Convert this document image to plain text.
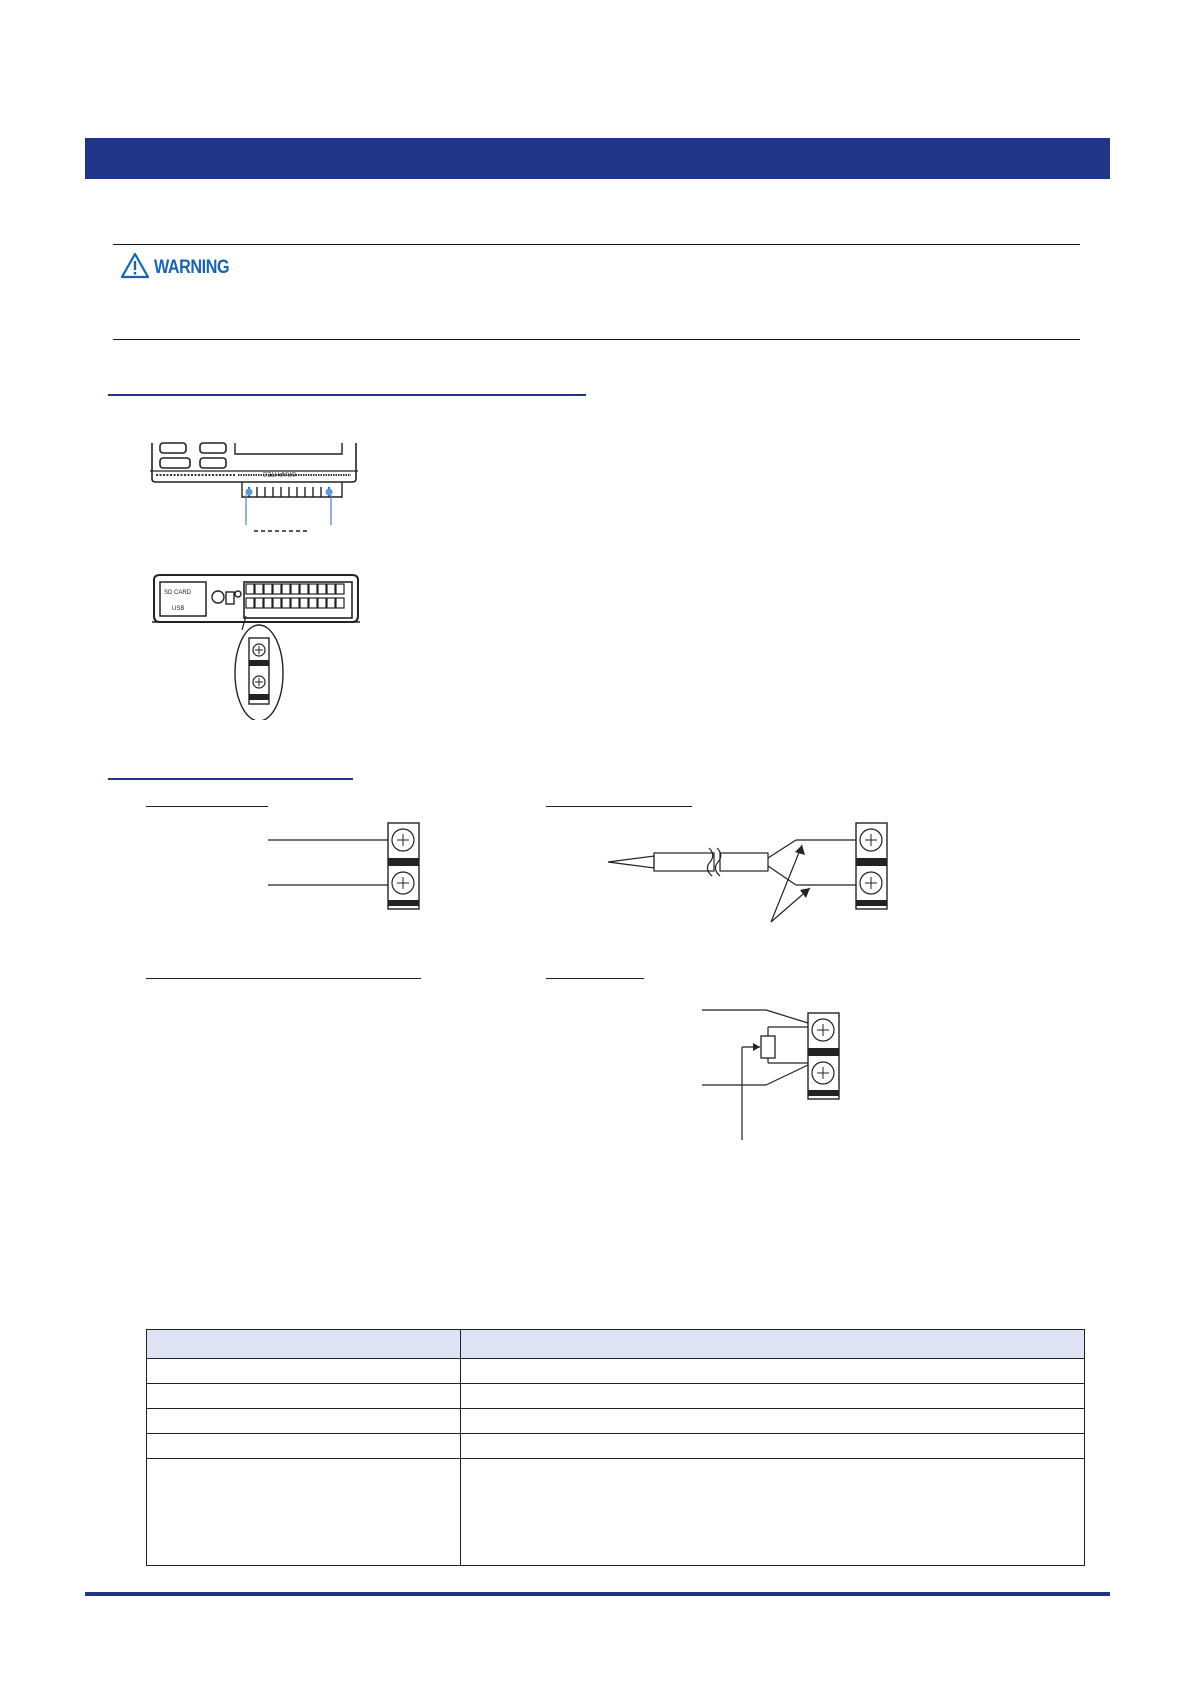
WARNING
GRAPHTEC
SD CARD
USB
